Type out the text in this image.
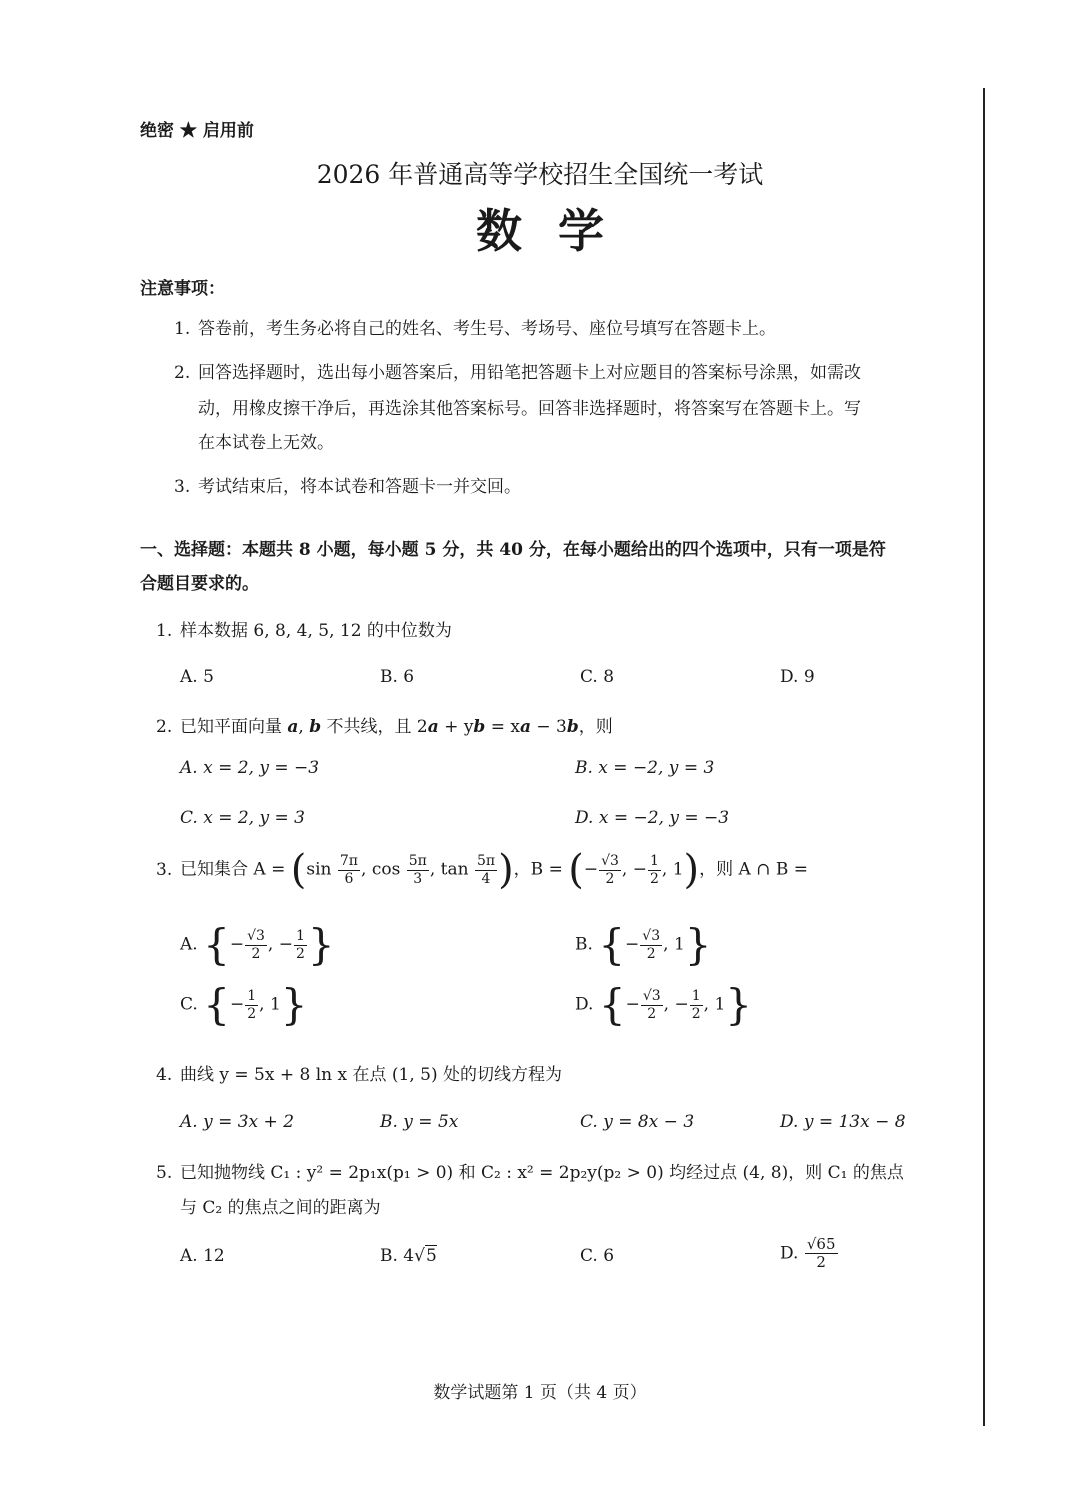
绝密 ★ 启用前
2026 年普通高等学校招生全国统一考试
数学
注意事项：
1. 答卷前，考生务必将自己的姓名、考生号、考场号、座位号填写在答题卡上。
2. 回答选择题时，选出每小题答案后，用铅笔把答题卡上对应题目的答案标号涂黑，如需改
动，用橡皮擦干净后，再选涂其他答案标号。回答非选择题时，将答案写在答题卡上。写
在本试卷上无效。
3. 考试结束后，将本试卷和答题卡一并交回。
一、选择题：本题共 8 小题，每小题 5 分，共 40 分，在每小题给出的四个选项中，只有一项是符
合题目要求的。
1. 样本数据 6, 8, 4, 5, 12 的中位数为
A. 5	B. 6	C. 8	D. 9
2. 已知平面向量 a, b 不共线，且 2a + yb = xa − 3b，则
A. x = 2, y = −3	B. x = −2, y = 3
C. x = 2, y = 3	D. x = −2, y = −3
3. 已知集合 $A = (\sin \frac{7\pi}{6}$ , $\cos \frac{5\pi}{3}$ , $\tan \frac{5\pi}{4}$ )，B = (− $\frac{√3}{2}$ , − $\frac{1}{2}$ , 1)，则 A ∩ B =
A. {− $\frac{√3}{2}$ , − $\frac{1}{2}$ }	B. {− $\frac{√3}{2}$ , 1}
C. {− $\frac{1}{2}$ , 1}	D. {− $\frac{√3}{2}$ , − $\frac{1}{2}$ , 1}
4. 曲线 y = 5x + 8 ln x 在点 (1, 5) 处的切线方程为
A. y = 3x + 2	B. y = 5x	C. y = 8x − 3	D. y = 13x − 8
5. 已知抛物线 C₁ : y² = 2p₁x(p₁ > 0) 和 C₂ : x² = 2p₂y(p₂ > 0) 均经过点 (4, 8)，则 C₁ 的焦点
与 C₂ 的焦点之间的距离为
A. 12	B. 4√5	C. 6	D. $\frac{√65}{2}$
数学试题第 1 页（共 4 页）
